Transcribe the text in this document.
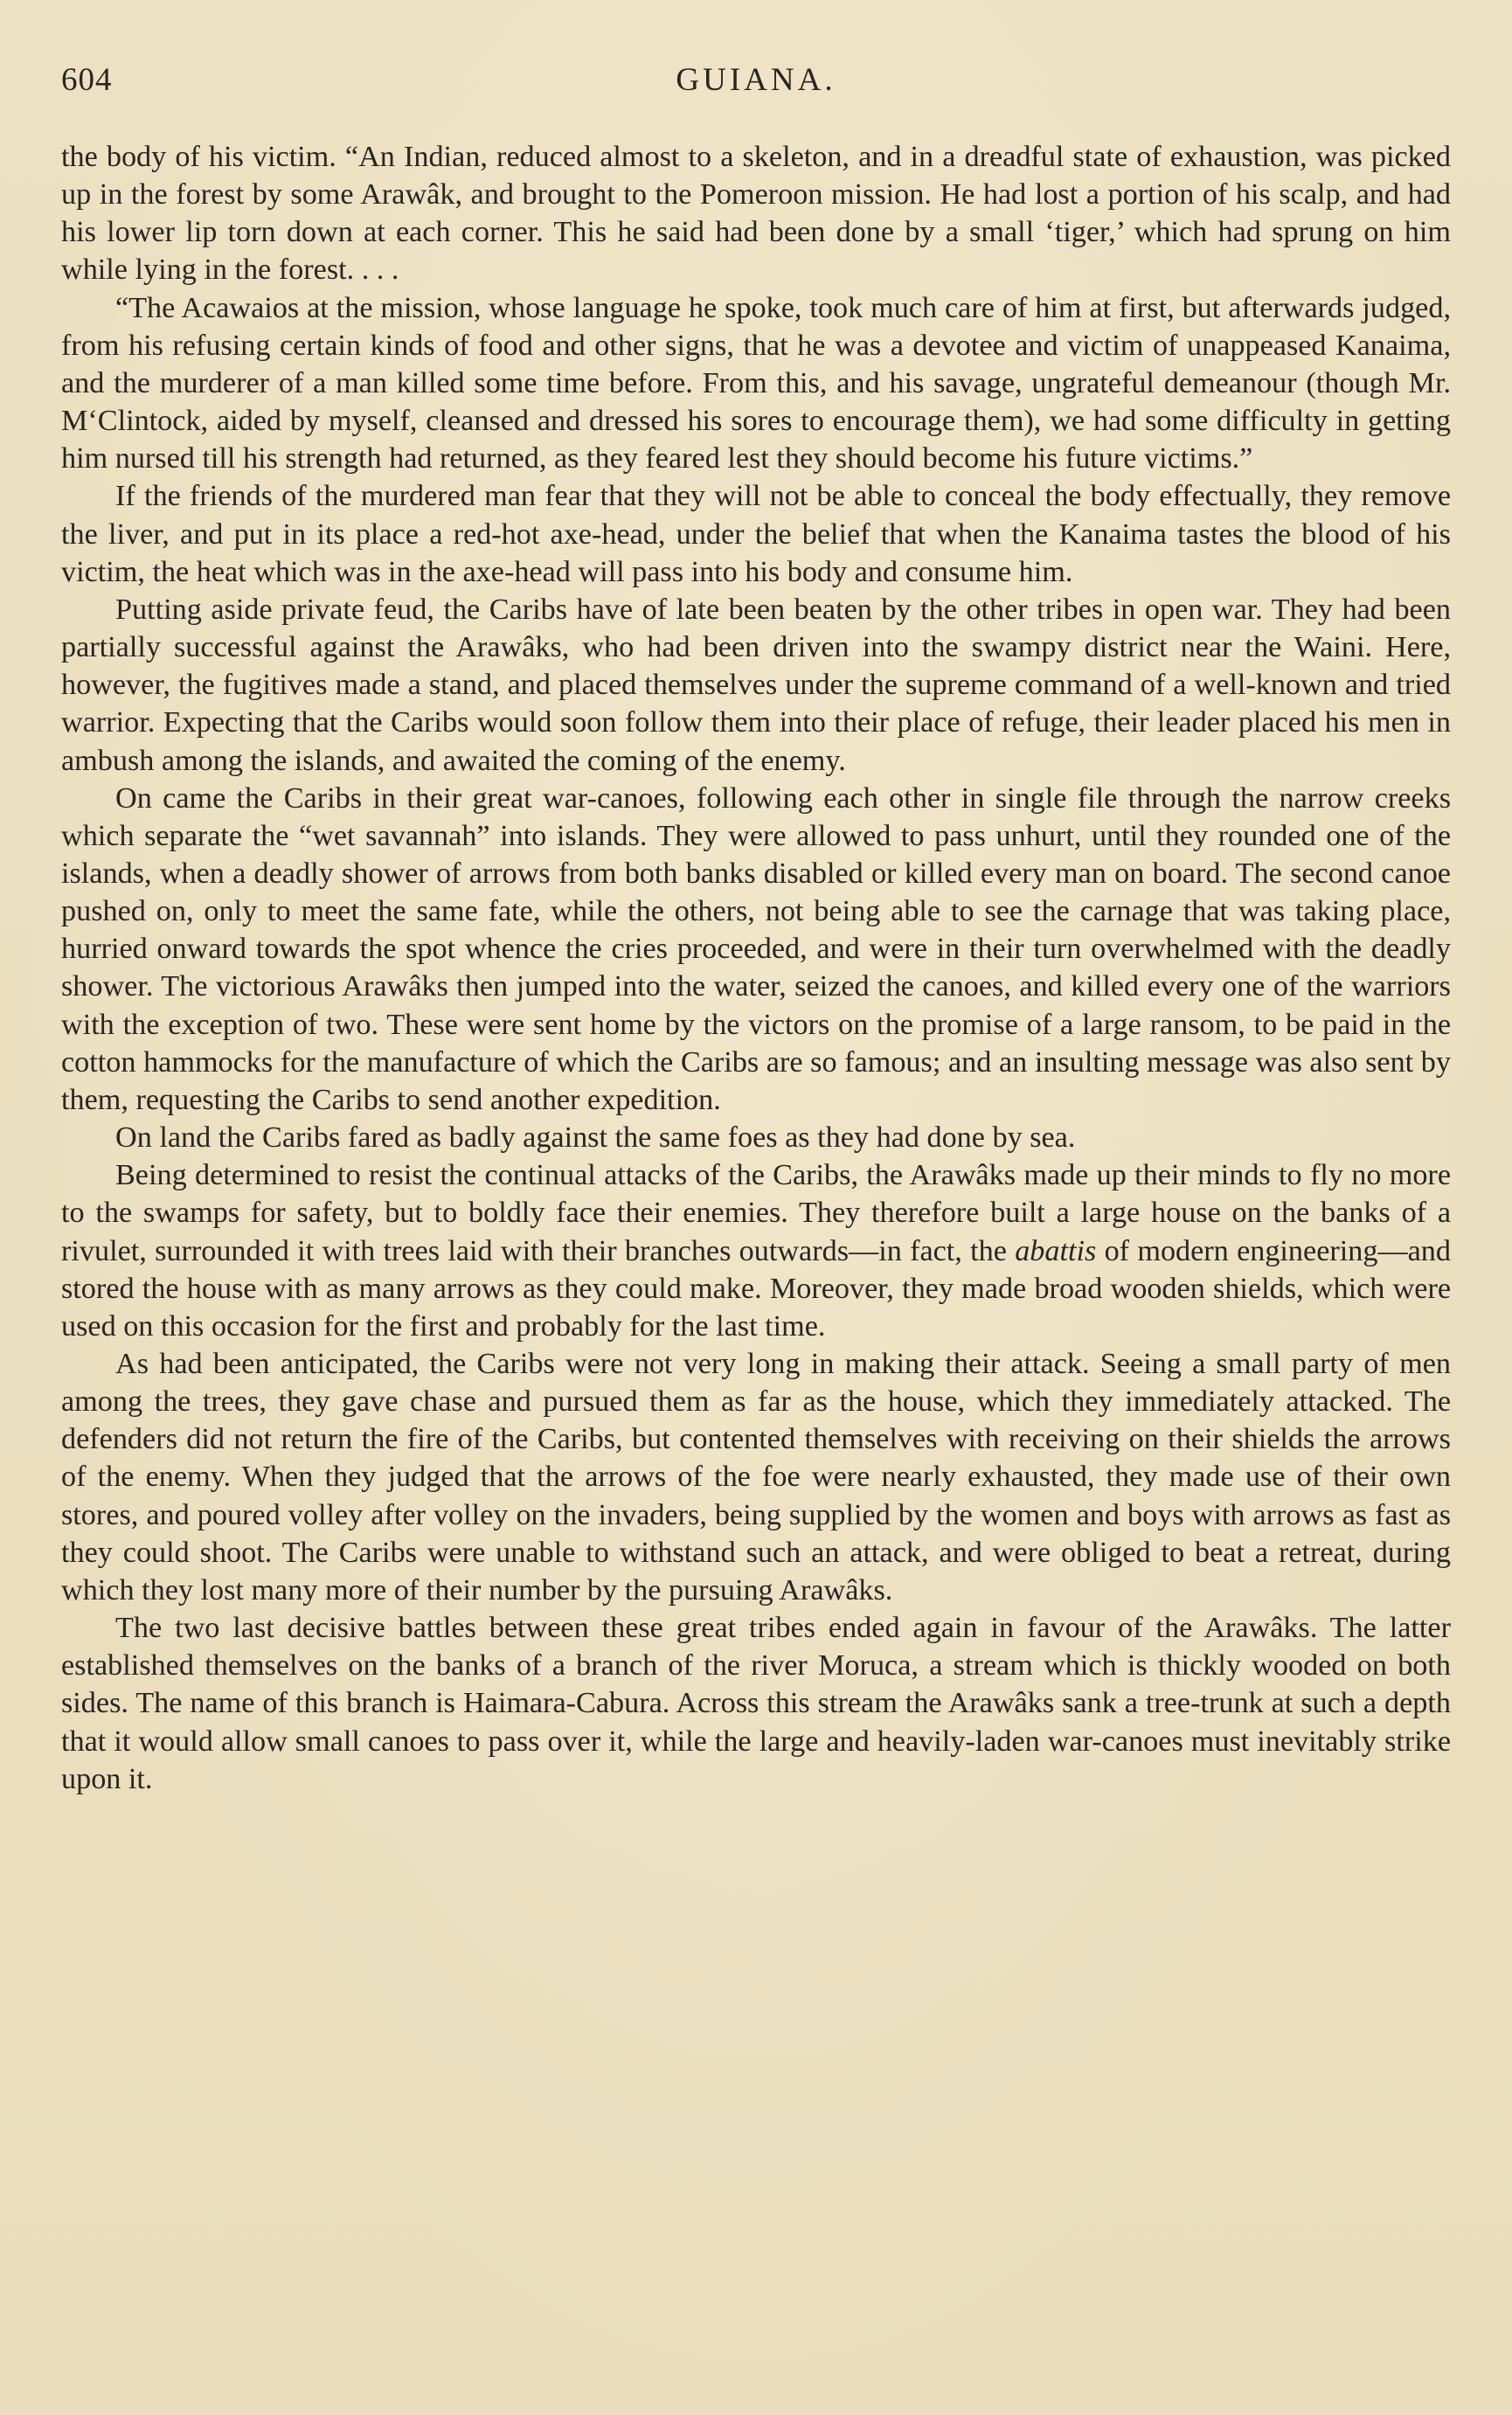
604	GUIANA.

the body of his victim. “An Indian, reduced almost to a skeleton, and in a dreadful state of exhaustion, was picked up in the forest by some Arawâk, and brought to the Pomeroon mission. He had lost a portion of his scalp, and had his lower lip torn down at each corner. This he said had been done by a small ‘tiger,’ which had sprung on him while lying in the forest. . . .

“The Acawaios at the mission, whose language he spoke, took much care of him at first, but afterwards judged, from his refusing certain kinds of food and other signs, that he was a devotee and victim of unappeased Kanaima, and the murderer of a man killed some time before. From this, and his savage, ungrateful demeanour (though Mr. M‘Clintock, aided by myself, cleansed and dressed his sores to encourage them), we had some difficulty in getting him nursed till his strength had returned, as they feared lest they should become his future victims.”

If the friends of the murdered man fear that they will not be able to conceal the body effectually, they remove the liver, and put in its place a red-hot axe-head, under the belief that when the Kanaima tastes the blood of his victim, the heat which was in the axe-head will pass into his body and consume him.

Putting aside private feud, the Caribs have of late been beaten by the other tribes in open war. They had been partially successful against the Arawâks, who had been driven into the swampy district near the Waini. Here, however, the fugitives made a stand, and placed themselves under the supreme command of a well-known and tried warrior. Expecting that the Caribs would soon follow them into their place of refuge, their leader placed his men in ambush among the islands, and awaited the coming of the enemy.

On came the Caribs in their great war-canoes, following each other in single file through the narrow creeks which separate the “wet savannah” into islands. They were allowed to pass unhurt, until they rounded one of the islands, when a deadly shower of arrows from both banks disabled or killed every man on board. The second canoe pushed on, only to meet the same fate, while the others, not being able to see the carnage that was taking place, hurried onward towards the spot whence the cries proceeded, and were in their turn overwhelmed with the deadly shower. The victorious Arawâks then jumped into the water, seized the canoes, and killed every one of the warriors with the exception of two. These were sent home by the victors on the promise of a large ransom, to be paid in the cotton hammocks for the manufacture of which the Caribs are so famous; and an insulting message was also sent by them, requesting the Caribs to send another expedition.

On land the Caribs fared as badly against the same foes as they had done by sea.

Being determined to resist the continual attacks of the Caribs, the Arawâks made up their minds to fly no more to the swamps for safety, but to boldly face their enemies. They therefore built a large house on the banks of a rivulet, surrounded it with trees laid with their branches outwards—in fact, the abattis of modern engineering—and stored the house with as many arrows as they could make. Moreover, they made broad wooden shields, which were used on this occasion for the first and probably for the last time.

As had been anticipated, the Caribs were not very long in making their attack. Seeing a small party of men among the trees, they gave chase and pursued them as far as the house, which they immediately attacked. The defenders did not return the fire of the Caribs, but contented themselves with receiving on their shields the arrows of the enemy. When they judged that the arrows of the foe were nearly exhausted, they made use of their own stores, and poured volley after volley on the invaders, being supplied by the women and boys with arrows as fast as they could shoot. The Caribs were unable to withstand such an attack, and were obliged to beat a retreat, during which they lost many more of their number by the pursuing Arawâks.

The two last decisive battles between these great tribes ended again in favour of the Arawâks. The latter established themselves on the banks of a branch of the river Moruca, a stream which is thickly wooded on both sides. The name of this branch is Haimara-Cabura. Across this stream the Arawâks sank a tree-trunk at such a depth that it would allow small canoes to pass over it, while the large and heavily-laden war-canoes must inevitably strike upon it.
